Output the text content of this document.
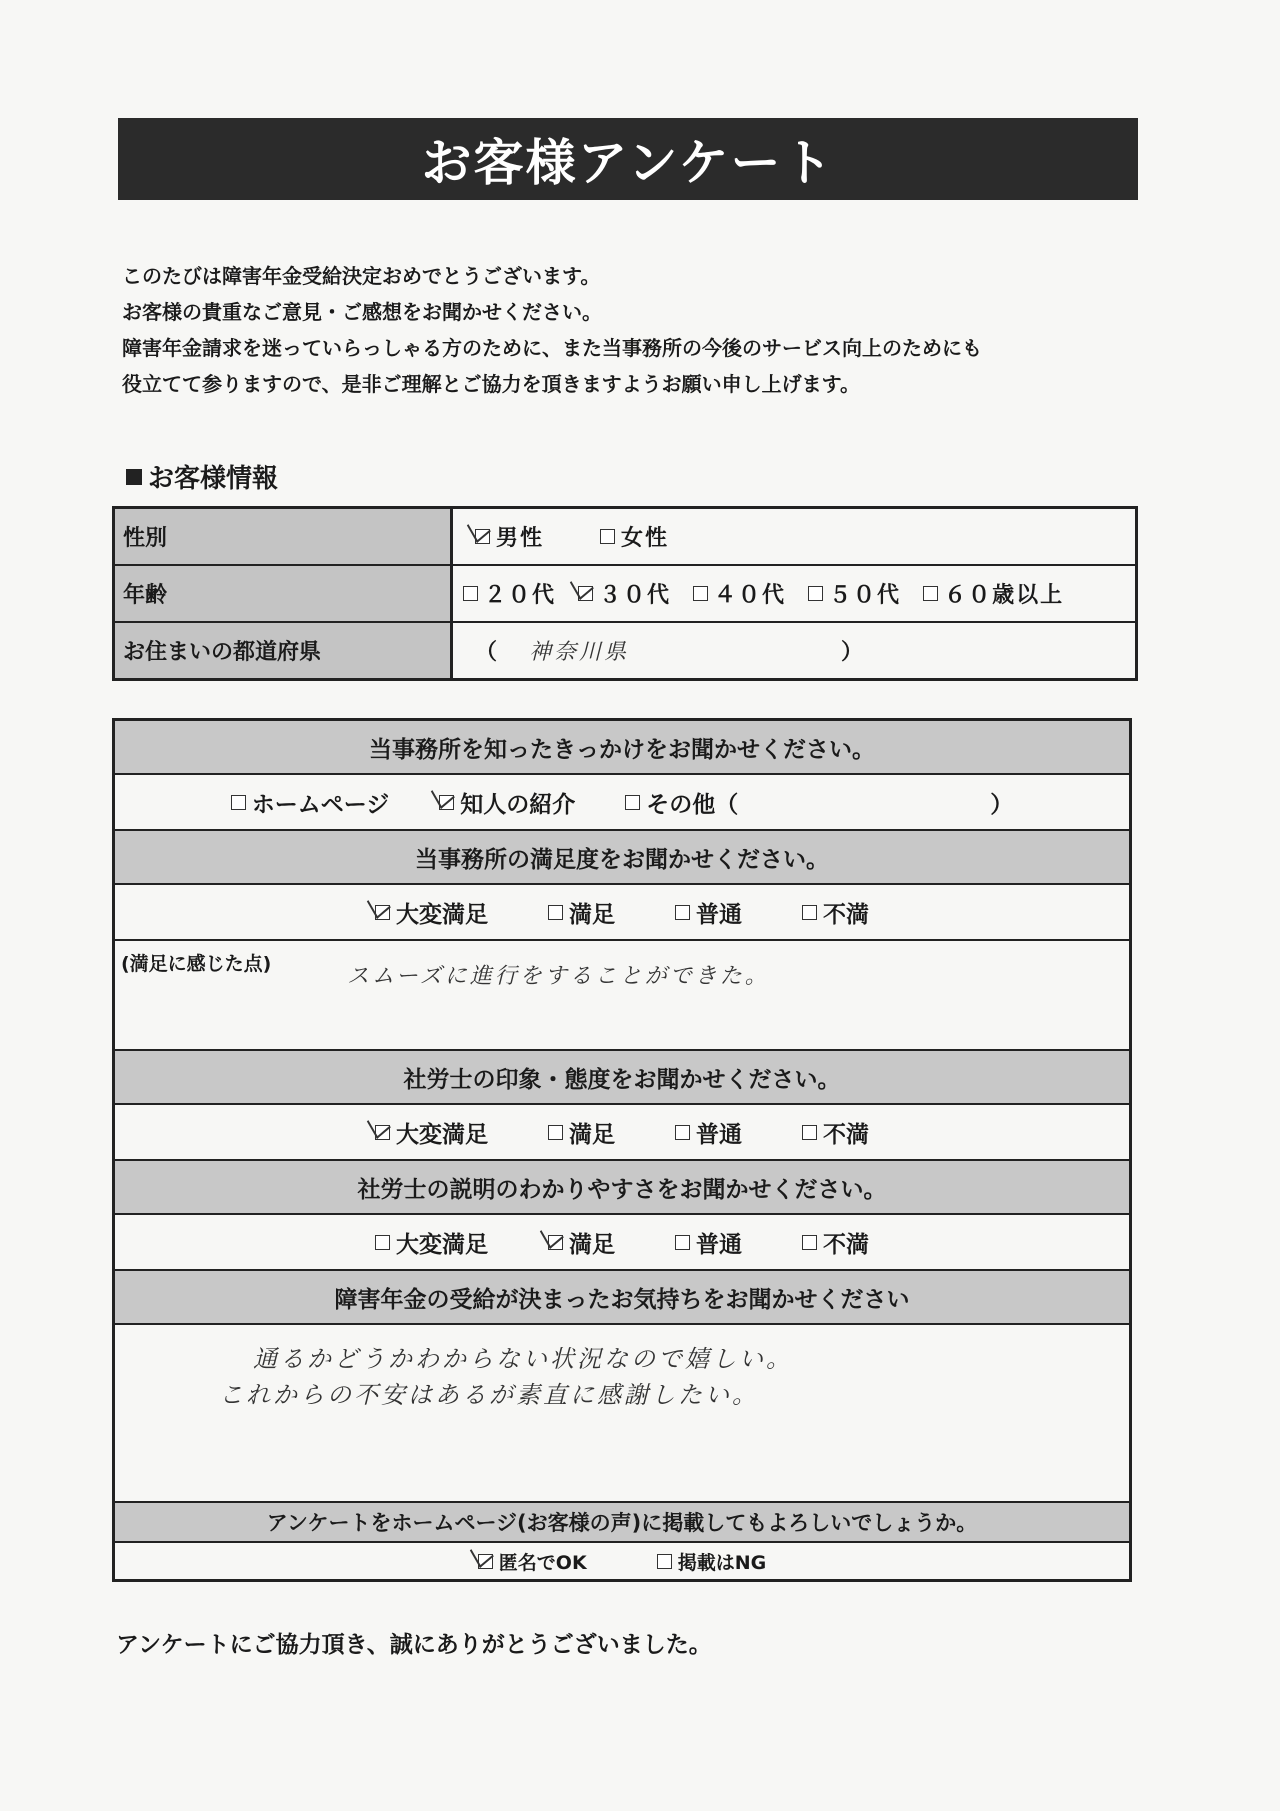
お客様アンケート
このたびは障害年金受給決定おめでとうございます。
お客様の貴重なご意見・ご感想をお聞かせください。
障害年金請求を迷っていらっしゃる方のために、また当事務所の今後のサービス向上のためにも
役立てて参りますので、是非ご理解とご協力を頂きますようお願い申し上げます。
お客様情報
性別	男性	女性
年齢	２０代 ３０代 ４０代 ５０代 ６０歳以上
お住まいの都道府県	（ 神奈川県	）
当事務所を知ったきっかけをお聞かせください。
ホームページ	知人の紹介	その他（	）
当事務所の満足度をお聞かせください。
大変満足	満足	普通	不満
(満足に感じた点)	スムーズに進行をすることができた。
社労士の印象・態度をお聞かせください。
大変満足	満足	普通	不満
社労士の説明のわかりやすさをお聞かせください。
大変満足	満足	普通	不満
障害年金の受給が決まったお気持ちをお聞かせください
通るかどうかわからない状況なので嬉しい。
これからの不安はあるが素直に感謝したい。
アンケートをホームページ(お客様の声)に掲載してもよろしいでしょうか。
匿名でOK	掲載はNG
アンケートにご協力頂き、誠にありがとうございました。
